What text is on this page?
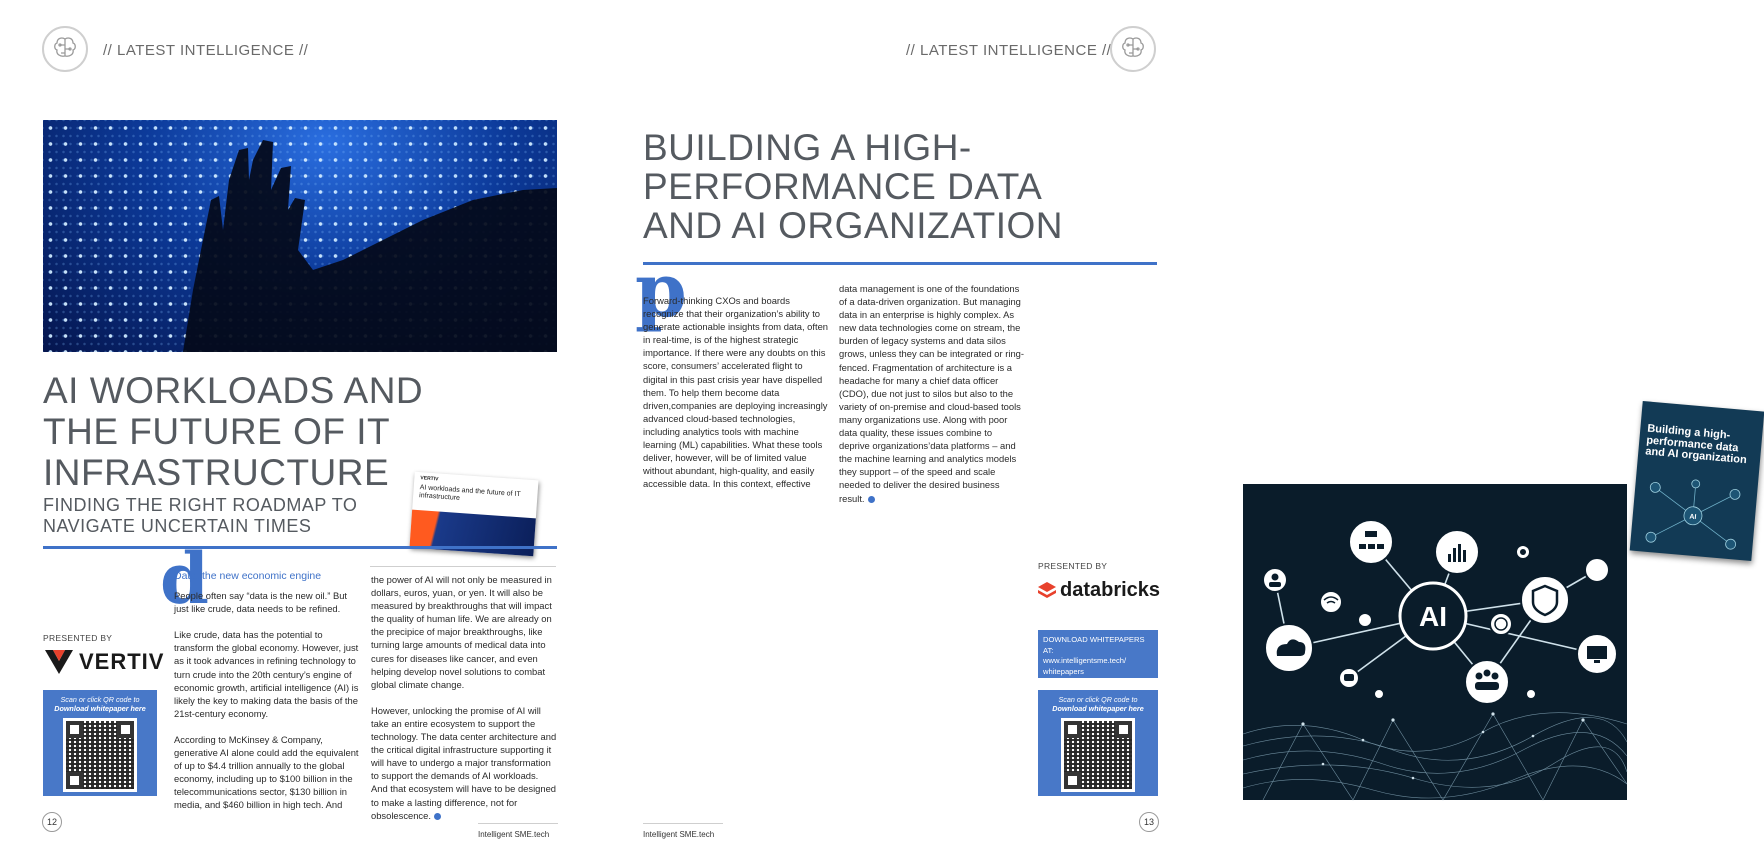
// LATEST INTELLIGENCE //
AI WORKLOADS AND
THE FUTURE OF IT
INFRASTRUCTURE
FINDING THE RIGHT ROADMAP TO
NAVIGATE UNCERTAIN TIMES
VERTIV
AI workloads and the future of IT infrastructure
d
Data: the new economic engine

People often say “data is the new oil.” But just like crude, data needs to be refined.

Like crude, data has the potential to transform the global economy. However, just as it took advances in refining technology to turn crude into the 20th century’s engine of economic growth, artificial intelligence (AI) is likely the key to making data the basis of the 21st-century economy.

According to McKinsey & Company, generative AI alone could add the equivalent of up to $4.4 trillion annually to the global economy, including up to $100 billion in the telecommunications sector, $130 billion in media, and $460 billion in high tech. And

the power of AI will not only be measured in dollars, euros, yuan, or yen. It will also be measured by breakthroughs that will impact the quality of human life. We are already on the precipice of major breakthroughs, like turning large amounts of medical data into cures for diseases like cancer, and even helping develop novel solutions to combat global climate change.

However, unlocking the promise of AI will take an entire ecosystem to support the technology. The data center architecture and the critical digital infrastructure supporting it will have to undergo a major transformation to support the demands of AI workloads. And that ecosystem will have to be designed to make a lasting difference, not for obsolescence.

PRESENTED BY
VERTIV
Scan or click QR code to
Download whitepaper here
12
Intelligent SME.tech
// LATEST INTELLIGENCE //
BUILDING A HIGH-
PERFORMANCE DATA
AND AI ORGANIZATION
p

Forward-thinking CXOs and boards recognize that their organization’s ability to generate actionable insights from data, often in real-time, is of the highest strategic importance. If there were any doubts on this score, consumers’ accelerated flight to digital in this past crisis year have dispelled them. To help them become data driven,companies are deploying increasingly advanced cloud-based technologies, including analytics tools with machine learning (ML) capabilities. What these tools deliver, however, will be of limited value without abundant, high-quality, and easily accessible data. In this context, effective

data management is one of the foundations of a data-driven organization. But managing data in an enterprise is highly complex. As new data technologies come on stream, the burden of legacy systems and data silos grows, unless they can be integrated or ring-fenced. Fragmentation of architecture is a headache for many a chief data officer (CDO), due not just to silos but also to the variety of on-premise and cloud-based tools many organizations use. Along with poor data quality, these issues combine to deprive organizations’data platforms – and the machine learning and analytics models they support – of the speed and scale needed to deliver the desired business result.

Building a high-performance data and AI organization
AI
AI
PRESENTED BY
databricks
DOWNLOAD WHITEPAPERS AT:
www.intelligentsme.tech/
whitepapers
Scan or click QR code to
Download whitepaper here
Intelligent SME.tech
13
